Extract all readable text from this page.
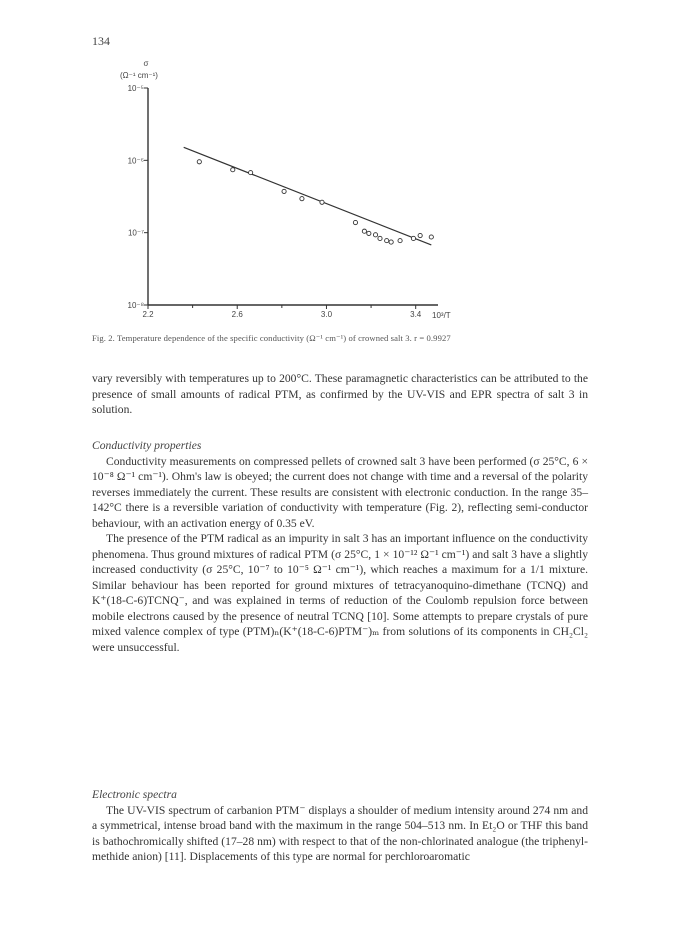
134
2.2	2.6	3.0	3.4
10⁻⁵
10⁻⁶
10⁻⁷
10⁻⁸
σ
(Ω⁻¹ cm⁻¹)
10³/T
Fig. 2. Temperature dependence of the specific conductivity (Ω⁻¹ cm⁻¹) of crowned salt 3. r = 0.9927

vary reversibly with temperatures up to 200°C. These paramagnetic characteristics can be attributed to the presence of small amounts of radical PTM, as confirmed by the UV-VIS and EPR spectra of salt 3 in solution.

Conductivity properties

Conductivity measurements on compressed pellets of crowned salt 3 have been performed (σ 25°C, 6 × 10⁻⁸ Ω⁻¹ cm⁻¹). Ohm's law is obeyed; the current does not change with time and a reversal of the polarity reverses immediately the current. These results are consistent with electronic conduction. In the range 35–142°C there is a reversible variation of conductivity with temperature (Fig. 2), reflecting semi-conductor behaviour, with an activation energy of 0.35 eV.

The presence of the PTM radical as an impurity in salt 3 has an important influence on the conductivity phenomena. Thus ground mixtures of radical PTM (σ 25°C, 1 × 10⁻¹² Ω⁻¹ cm⁻¹) and salt 3 have a slightly increased conductivity (σ 25°C, 10⁻⁷ to 10⁻⁵ Ω⁻¹ cm⁻¹), which reaches a maximum for a 1/1 mixture. Similar behaviour has been reported for ground mixtures of tetracyanoquino-dimethane (TCNQ) and K⁺(18-C-6)TCNQ⁻, and was explained in terms of reduction of the Coulomb repulsion force between mobile electrons caused by the presence of neutral TCNQ [10]. Some attempts to prepare crystals of pure mixed valence complex of type (PTM)ₙ(K⁺(18-C-6)PTM⁻)ₘ from solutions of its components in CH₂Cl₂ were unsuccessful.

Electronic spectra

The UV-VIS spectrum of carbanion PTM⁻ displays a shoulder of medium intensity around 274 nm and a symmetrical, intense broad band with the maximum in the range 504–513 nm. In Et₂O or THF this band is bathochromically shifted (17–28 nm) with respect to that of the non-chlorinated analogue (the triphenyl-methide anion) [11]. Displacements of this type are normal for perchloroaromatic
